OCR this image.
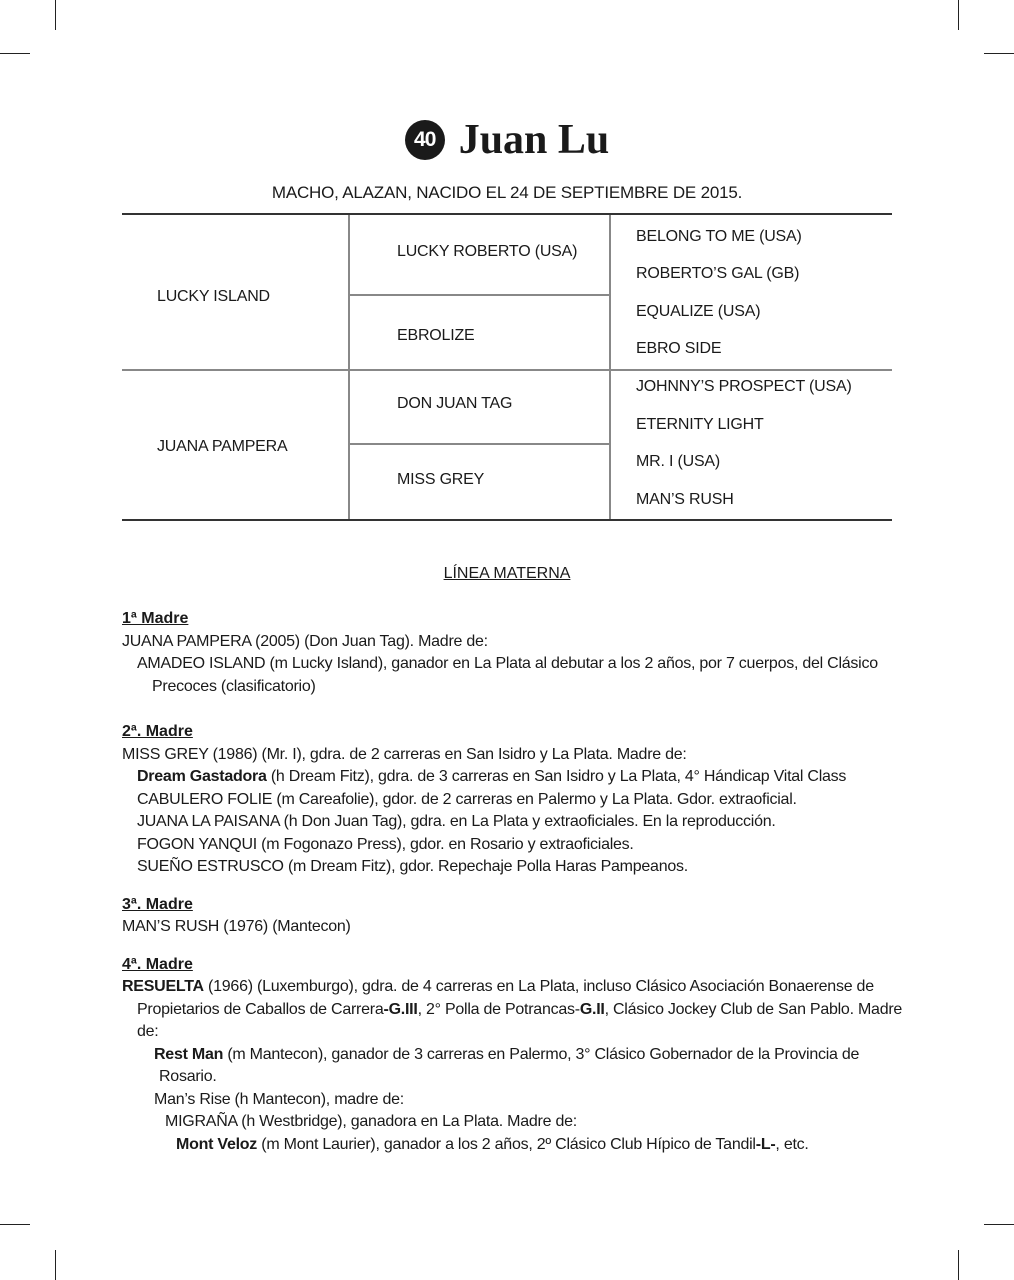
40 Juan Lu
MACHO, ALAZAN, NACIDO EL 24 DE SEPTIEMBRE DE 2015.
LUCKY ISLAND
JUANA PAMPERA
LUCKY ROBERTO (USA)
EBROLIZE
DON JUAN TAG
MISS GREY
BELONG TO ME (USA)
ROBERTO’S GAL (GB)
EQUALIZE (USA)
EBRO SIDE
JOHNNY’S PROSPECT (USA)
ETERNITY LIGHT
MR. I (USA)
MAN’S RUSH
LÍNEA MATERNA
1ª Madre
JUANA PAMPERA (2005) (Don Juan Tag). Madre de:
AMADEO ISLAND (m Lucky Island), ganador en La Plata al debutar a los 2 años, por 7 cuerpos, del Clásico
Precoces (clasificatorio)
2ª. Madre
MISS GREY (1986) (Mr. I), gdra. de 2 carreras en San Isidro y La Plata. Madre de:
Dream Gastadora (h Dream Fitz), gdra. de 3 carreras en San Isidro y La Plata, 4° Hándicap Vital Class
CABULERO FOLIE (m Careafolie), gdor. de 2 carreras en Palermo y La Plata. Gdor. extraoficial.
JUANA LA PAISANA (h Don Juan Tag), gdra. en La Plata y extraoficiales. En la reproducción.
FOGON YANQUI (m Fogonazo Press), gdor. en Rosario y extraoficiales.
SUEÑO ESTRUSCO (m Dream Fitz), gdor. Repechaje Polla Haras Pampeanos.
3ª. Madre
MAN’S RUSH (1976) (Mantecon)
4ª. Madre
RESUELTA (1966) (Luxemburgo), gdra. de 4 carreras en La Plata, incluso Clásico Asociación Bonaerense de
Propietarios de Caballos de Carrera-G.III, 2° Polla de Potrancas-G.II, Clásico Jockey Club de San Pablo. Madre
de:
Rest Man (m Mantecon), ganador de 3 carreras en Palermo, 3° Clásico Gobernador de la Provincia de
Rosario.
Man’s Rise (h Mantecon), madre de:
MIGRAÑA (h Westbridge), ganadora en La Plata. Madre de:
Mont Veloz (m Mont Laurier), ganador a los 2 años, 2º Clásico Club Hípico de Tandil-L-, etc.
